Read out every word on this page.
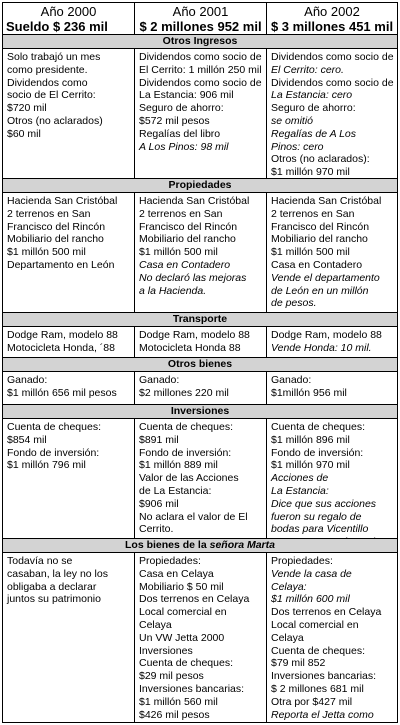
Año 2000
Sueldo $ 236 mil
Año 2001
$ 2 millones 952 mil
Año 2002
$ 3 millones 451 mil
Otros Ingresos
Solo trabajó un mes
como presidente.
Dividendos como
socio de El Cerrito:
$720 mil
Otros (no aclarados)
$60 mil
Dividendos como socio de
El Cerrito: 1 millón 250 mil
Dividendos como socio de
La Estancia: 906 mil
Seguro de ahorro:
$572 mil pesos
Regalías del libro
A Los Pinos: 98 mil
Dividendos como socio de
El Cerrito: cero.
Dividendos como socio de
La Estancia: cero
Seguro de ahorro:
se omitió
Regalías de A Los
Pinos: cero
Otros (no aclarados):
$1 millón 970 mil
Propiedades
Hacienda San Cristóbal
2 terrenos en San
Francisco del Rincón
Mobiliario del rancho
$1 millón 500 mil
Departamento en León
Hacienda San Cristóbal
2 terrenos en San
Francisco del Rincón
Mobiliario del rancho
$1 millón 500 mil
Casa en Contadero
No declaró las mejoras
a la Hacienda.
Hacienda San Cristóbal
2 terrenos en San
Francisco del Rincón
Mobiliario del rancho
$1 millón 500 mil
Casa en Contadero
Vende el departamento
de León en un millón
de pesos.
Transporte
Dodge Ram, modelo 88
Motocicleta Honda, ´88
Dodge Ram, modelo 88
Motocicleta Honda 88
Dodge Ram, modelo 88
Vende Honda: 10 mil.
Otros bienes
Ganado:
$1 millón 656 mil pesos
Ganado:
$2 millones 220 mil
Ganado:
$1millón 956 mil
Inversiones
Cuenta de cheques:
$854 mil
Fondo de inversión:
$1 millón 796 mil
Cuenta de cheques:
$891 mil
Fondo de inversión:
$1 millón 889 mil
Valor de las Acciones
de La Estancia:
$906 mil
No aclara el valor de El
Cerrito.
Cuenta de cheques:
$1 millón 896 mil
Fondo de inversión:
$1 millón 970 mil
Acciones de
La Estancia:
Dice que sus acciones
fueron su regalo de
bodas para Vicentillo
Los bienes de la señora Marta
Todavía no se
casaban, la ley no los
obligaba a declarar
juntos su patrimonio
Propiedades:
Casa en Celaya
Mobiliario $ 50 mil
Dos terrenos en Celaya
Local comercial en
Celaya
Un VW Jetta 2000
Inversiones
Cuenta de cheques:
$29 mil pesos
Inversiones bancarias:
$1 millón 560 mil
$426 mil pesos
Propiedades:
Vende la casa de
Celaya:
$1 millón 600 mil
Dos terrenos en Celaya
Local comercial en
Celaya
Cuenta de cheques:
$79 mil 852
Inversiones bancarias:
$ 2 millones 681 mil
Otra por $427 mil
Reporta el Jetta como
